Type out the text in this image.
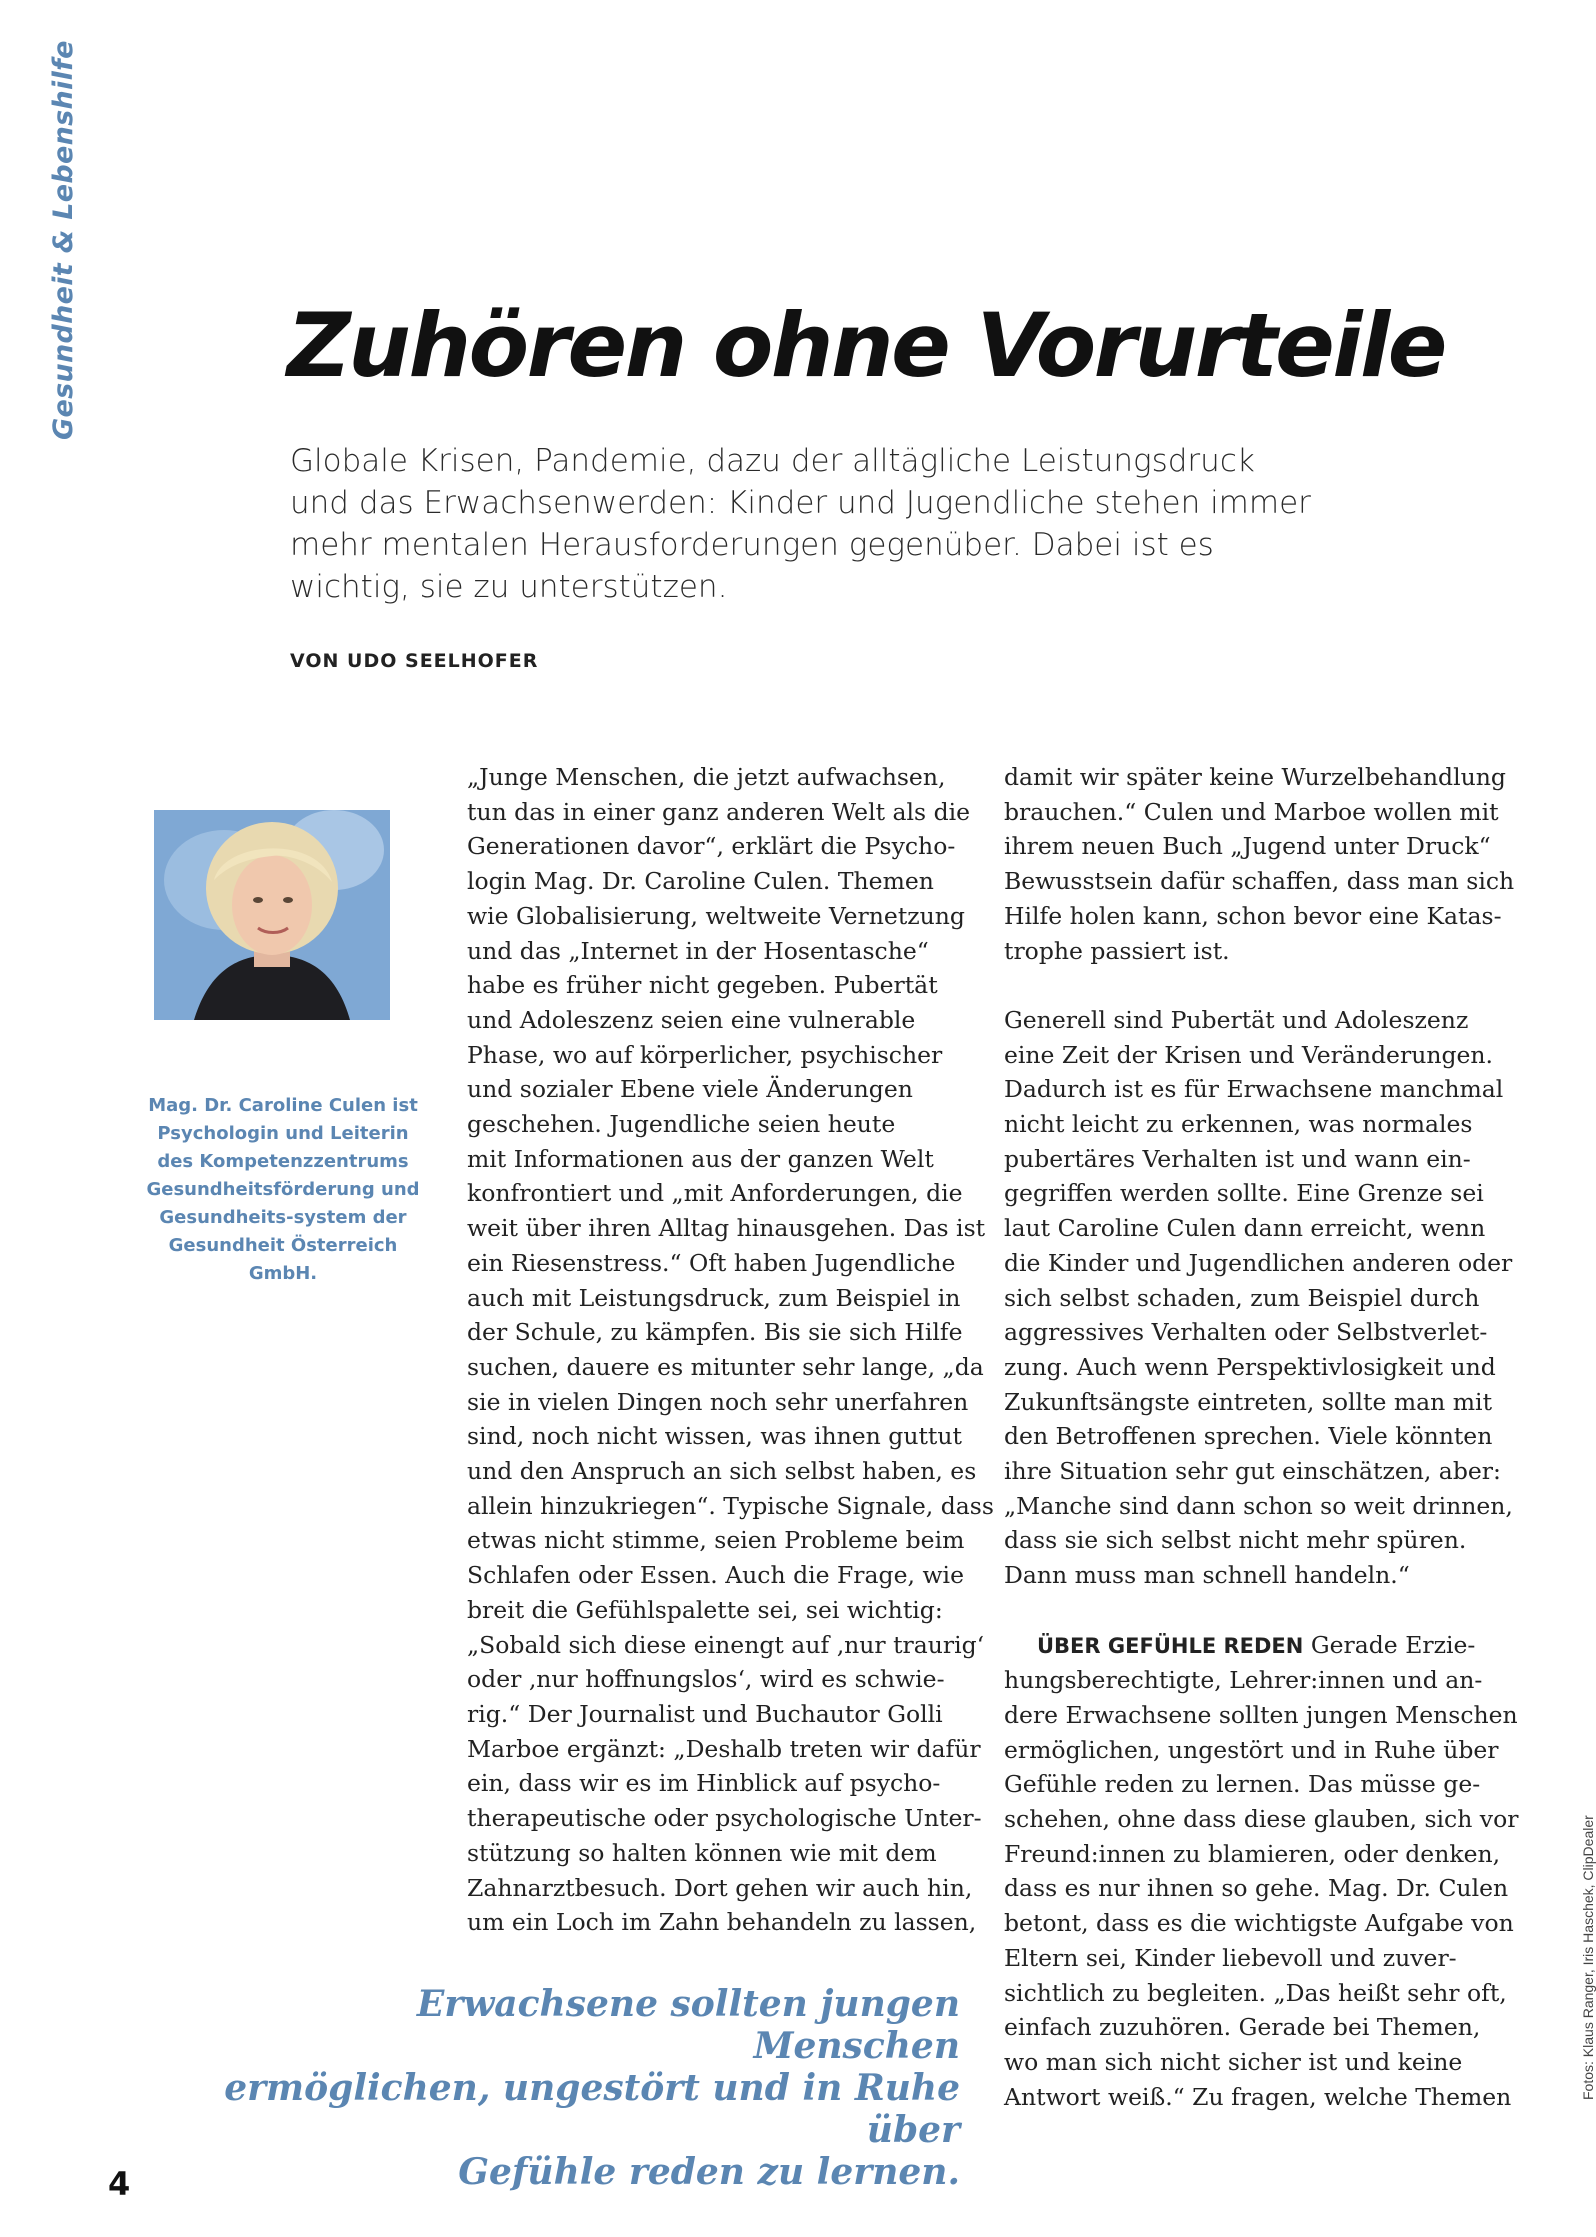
Gesundheit & Lebenshilfe Zuhören ohne Vorurteile

Globale Krisen, Pandemie, dazu der alltägliche Leistungsdruck und das Erwachsenwerden: Kinder und Jugendliche stehen immer mehr mentalen Herausforderungen gegenüber. Dabei ist es wichtig, sie zu unterstützen.

VON UDO SEELHOFER

Mag. Dr. Caroline Culen ist Psychologin und Leiterin des Kompetenzzentrums Gesundheitsförderung und Gesundheits-system der Gesundheit Österreich GmbH.

„Junge Menschen, die jetzt aufwachsen,

tun das in einer ganz anderen Welt als die

Generationen davor“, erklärt die Psycho-

login Mag. Dr. Caroline Culen. Themen

wie Globalisierung, weltweite Vernetzung

und das „Internet in der Hosentasche“

habe es früher nicht gegeben. Pubertät

und Adoleszenz seien eine vulnerable

Phase, wo auf körperlicher, psychischer

und sozialer Ebene viele Änderungen

geschehen. Jugendliche seien heute

mit Informationen aus der ganzen Welt

konfrontiert und „mit Anforderungen, die

weit über ihren Alltag hinausgehen. Das ist

ein Riesenstress.“ Oft haben Jugendliche

auch mit Leistungsdruck, zum Beispiel in

der Schule, zu kämpfen. Bis sie sich Hilfe

suchen, dauere es mitunter sehr lange, „da

sie in vielen Dingen noch sehr unerfahren

sind, noch nicht wissen, was ihnen guttut

und den Anspruch an sich selbst haben, es

allein hinzukriegen“. Typische Signale, dass

etwas nicht stimme, seien Probleme beim

Schlafen oder Essen. Auch die Frage, wie

breit die Gefühlspalette sei, sei wichtig:

„Sobald sich diese einengt auf ‚nur traurig‘

oder ‚nur hoffnungslos‘, wird es schwie-

rig.“ Der Journalist und Buchautor Golli

Marboe ergänzt: „Deshalb treten wir dafür

ein, dass wir es im Hinblick auf psycho-

therapeutische oder psychologische Unter-

stützung so halten können wie mit dem

Zahnarztbesuch. Dort gehen wir auch hin,

um ein Loch im Zahn behandeln zu lassen,

damit wir später keine Wurzelbehandlung

brauchen.“ Culen und Marboe wollen mit

ihrem neuen Buch „Jugend unter Druck“

Bewusstsein dafür schaffen, dass man sich

Hilfe holen kann, schon bevor eine Katas-

trophe passiert ist.

Generell sind Pubertät und Adoleszenz

eine Zeit der Krisen und Veränderungen.

Dadurch ist es für Erwachsene manchmal

nicht leicht zu erkennen, was normales

pubertäres Verhalten ist und wann ein-

gegriffen werden sollte. Eine Grenze sei

laut Caroline Culen dann erreicht, wenn

die Kinder und Jugendlichen anderen oder

sich selbst schaden, zum Beispiel durch

aggressives Verhalten oder Selbstverlet-

zung. Auch wenn Perspektivlosigkeit und

Zukunftsängste eintreten, sollte man mit

den Betroffenen sprechen. Viele könnten

ihre Situation sehr gut einschätzen, aber:

„Manche sind dann schon so weit drinnen,

dass sie sich selbst nicht mehr spüren.

Dann muss man schnell handeln.“

ÜBER GEFÜHLE REDEN Gerade Erzie-

hungsberechtigte, Lehrer:innen und an-

dere Erwachsene sollten jungen Menschen

ermöglichen, ungestört und in Ruhe über

Gefühle reden zu lernen. Das müsse ge-

schehen, ohne dass diese glauben, sich vor

Freund:innen zu blamieren, oder denken,

dass es nur ihnen so gehe. Mag. Dr. Culen

betont, dass es die wichtigste Aufgabe von

Eltern sei, Kinder liebevoll und zuver-

sichtlich zu begleiten. „Das heißt sehr oft,

einfach zuzuhören. Gerade bei Themen,

wo man sich nicht sicher ist und keine

Antwort weiß.“ Zu fragen, welche Themen

Erwachsene sollten jungen Menschen

ermöglichen, ungestört und in Ruhe über

Gefühle reden zu lernen.

4
Fotos: Klaus Ranger, Iris Haschek, ClipDealer
